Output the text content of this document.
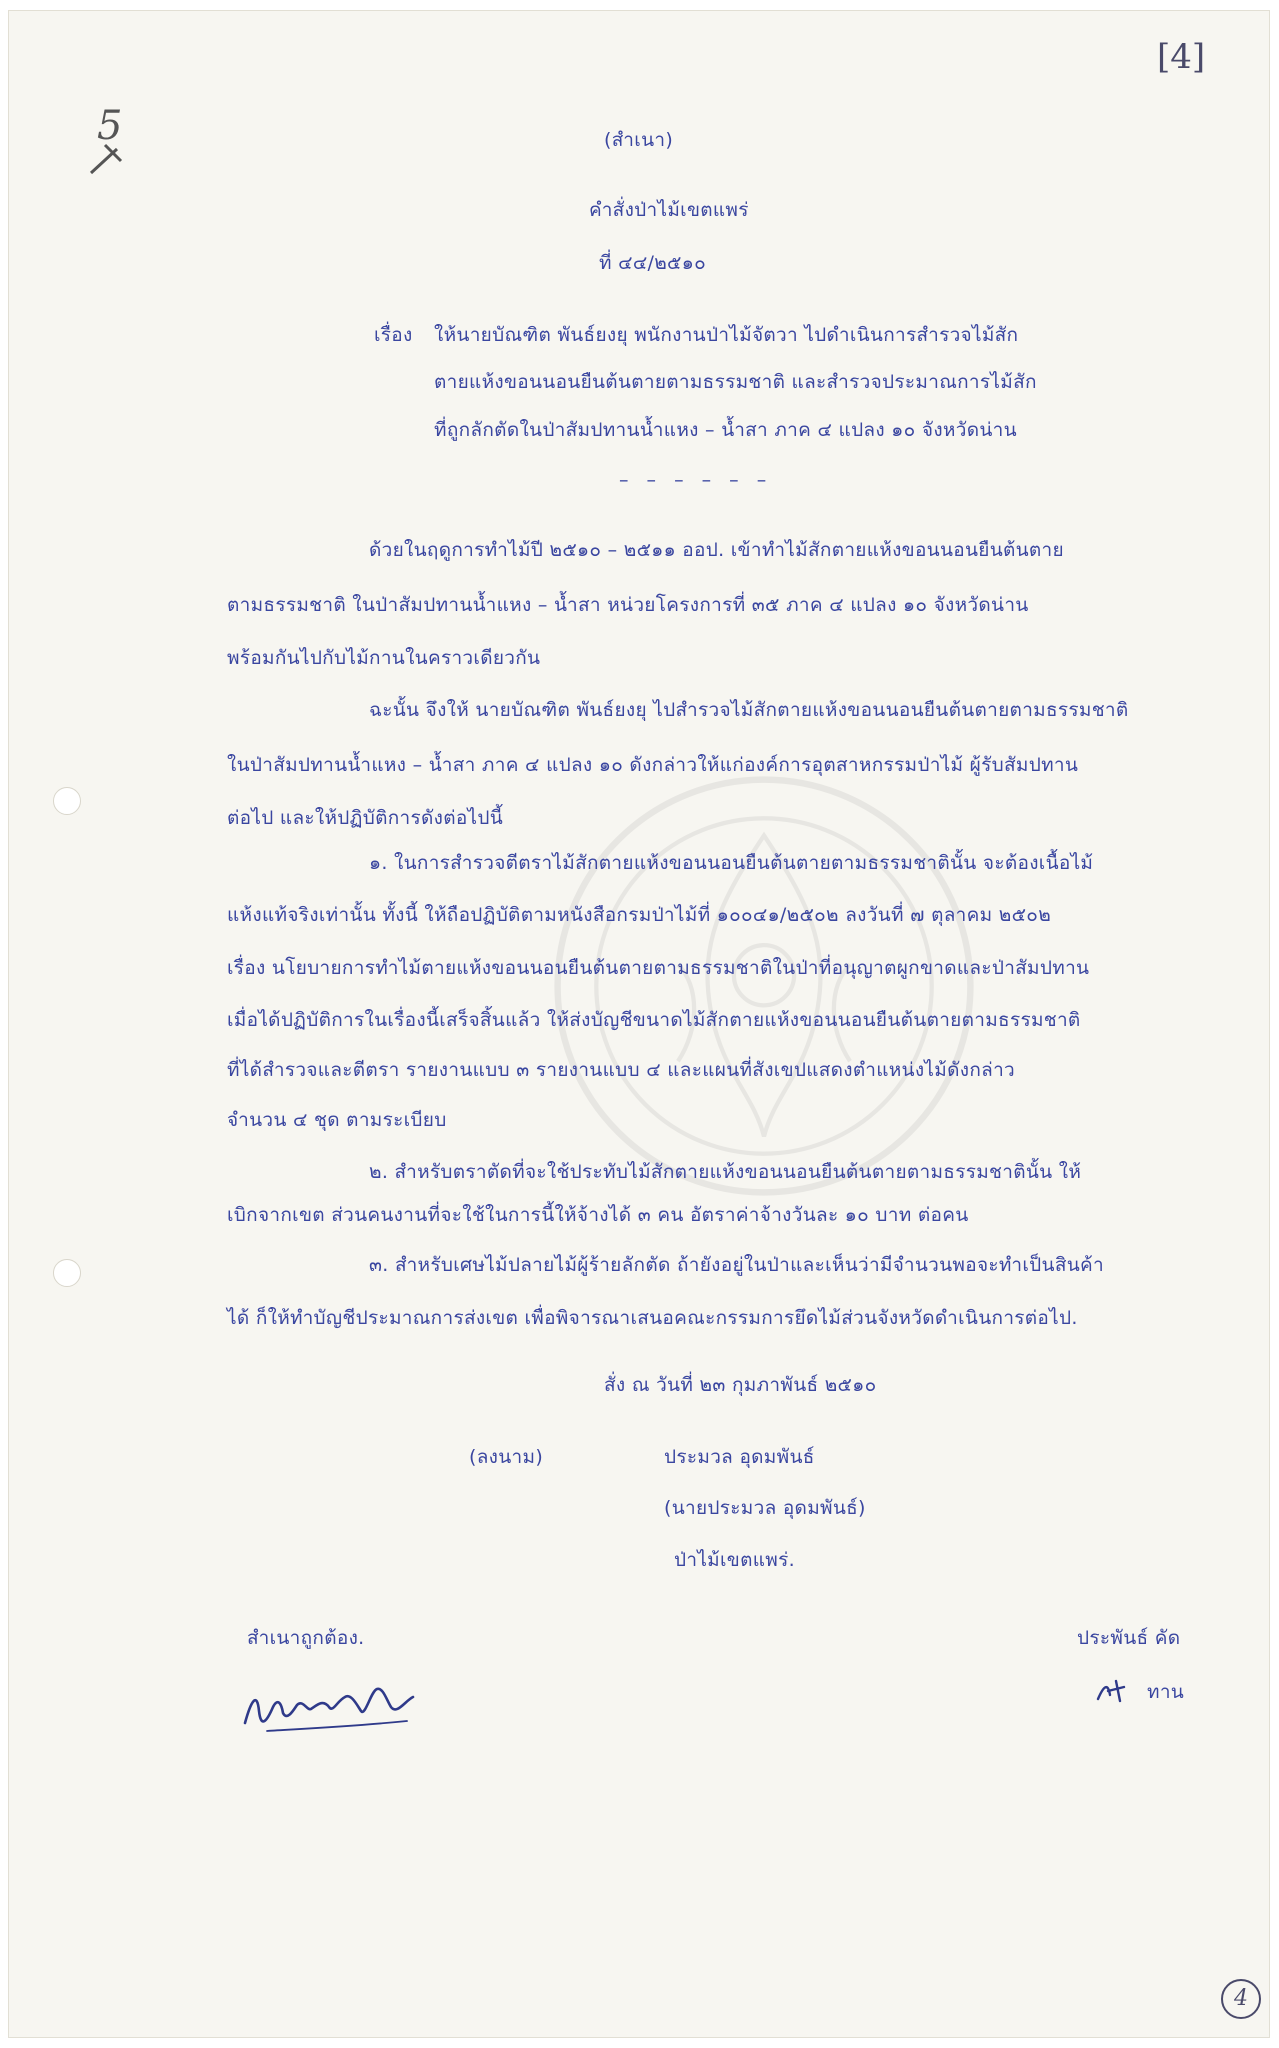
[4]
5	(สำเนา)
คำสั่งป่าไม้เขตแพร่
ที่ ๔๔/๒๕๑๐
เรื่อง ให้นายบัณฑิต พันธ์ยงยุ พนักงานป่าไม้จัตวา ไปดำเนินการสำรวจไม้สัก
ตายแห้งขอนนอนยืนต้นตายตามธรรมชาติ และสำรวจประมาณการไม้สัก
ที่ถูกลักตัดในป่าสัมปทานน้ำแหง – น้ำสา ภาค ๔ แปลง ๑๐ จังหวัดน่าน
– – – – – –
ด้วยในฤดูการทำไม้ปี ๒๕๑๐ – ๒๕๑๑ ออป. เข้าทำไม้สักตายแห้งขอนนอนยืนต้นตาย
ตามธรรมชาติ ในป่าสัมปทานน้ำแหง – น้ำสา หน่วยโครงการที่ ๓๕ ภาค ๔ แปลง ๑๐ จังหวัดน่าน
พร้อมกันไปกับไม้กานในคราวเดียวกัน
ฉะนั้น จึงให้ นายบัณฑิต พันธ์ยงยุ ไปสำรวจไม้สักตายแห้งขอนนอนยืนต้นตายตามธรรมชาติ
ในป่าสัมปทานน้ำแหง – น้ำสา ภาค ๔ แปลง ๑๐ ดังกล่าวให้แก่องค์การอุตสาหกรรมป่าไม้ ผู้รับสัมปทาน
ต่อไป และให้ปฏิบัติการดังต่อไปนี้
๑. ในการสำรวจตีตราไม้สักตายแห้งขอนนอนยืนต้นตายตามธรรมชาตินั้น จะต้องเนื้อไม้
แห้งแท้จริงเท่านั้น ทั้งนี้ ให้ถือปฏิบัติตามหนังสือกรมป่าไม้ที่ ๑๐๐๔๑/๒๕๐๒ ลงวันที่ ๗ ตุลาคม ๒๕๐๒
เรื่อง นโยบายการทำไม้ตายแห้งขอนนอนยืนต้นตายตามธรรมชาติในป่าที่อนุญาตผูกขาดและป่าสัมปทาน
เมื่อได้ปฏิบัติการในเรื่องนี้เสร็จสิ้นแล้ว ให้ส่งบัญชีขนาดไม้สักตายแห้งขอนนอนยืนต้นตายตามธรรมชาติ
ที่ได้สำรวจและตีตรา รายงานแบบ ๓ รายงานแบบ ๔ และแผนที่สังเขปแสดงตำแหน่งไม้ดังกล่าว
จำนวน ๔ ชุด ตามระเบียบ
๒. สำหรับตราตัดที่จะใช้ประทับไม้สักตายแห้งขอนนอนยืนต้นตายตามธรรมชาตินั้น ให้
เบิกจากเขต ส่วนคนงานที่จะใช้ในการนี้ให้จ้างได้ ๓ คน อัตราค่าจ้างวันละ ๑๐ บาท ต่อคน
๓. สำหรับเศษไม้ปลายไม้ผู้ร้ายลักตัด ถ้ายังอยู่ในป่าและเห็นว่ามีจำนวนพอจะทำเป็นสินค้า
ได้ ก็ให้ทำบัญชีประมาณการส่งเขต เพื่อพิจารณาเสนอคณะกรรมการยึดไม้ส่วนจังหวัดดำเนินการต่อไป.
สั่ง ณ วันที่ ๒๓ กุมภาพันธ์ ๒๕๑๐
(ลงนาม)	ประมวล อุดมพันธ์
(นายประมวล อุดมพันธ์)
ป่าไม้เขตแพร่.
สำเนาถูกต้อง.	ประพันธ์ คัด
ทาน
4
